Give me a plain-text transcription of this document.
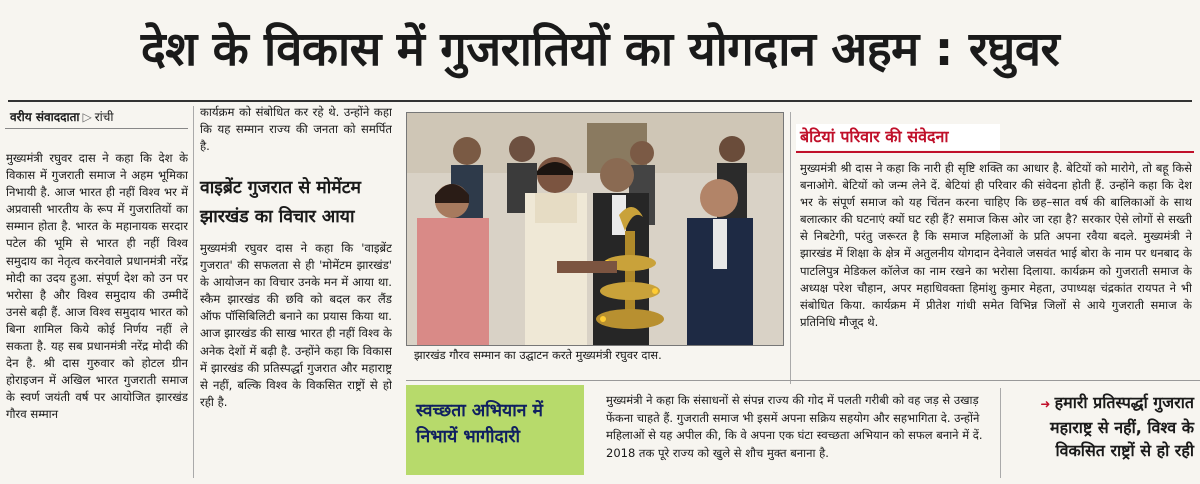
देश के विकास में गुजरातियों का योगदान अहम : रघुवर
वरीय संवाददाता ▷ रांची
मुख्यमंत्री रघुवर दास ने कहा कि देश के विकास में गुजराती समाज ने अहम भूमिका निभायी है. आज भारत ही नहीं विश्व भर में अप्रवासी भारतीय के रूप में गुजरातियों का सम्मान होता है. भारत के महानायक सरदार पटेल की भूमि से भारत ही नहीं विश्व समुदाय का नेतृत्व करनेवाले प्रधानमंत्री नरेंद्र मोदी का उदय हुआ. संपूर्ण देश को उन पर भरोसा है और विश्व समुदाय की उम्मीदें उनसे बढ़ी हैं. आज विश्व समुदाय भारत को बिना शामिल किये कोई निर्णय नहीं ले सकता है. यह सब प्रधानमंत्री नरेंद्र मोदी की देन है. श्री दास गुरुवार को होटल ग्रीन होराइजन में अखिल भारत गुजराती समाज के स्वर्ण जयंती वर्ष पर आयोजित झारखंड गौरव सम्मान
कार्यक्रम को संबोधित कर रहे थे. उन्होंने कहा कि यह सम्मान राज्य की जनता को समर्पित है.
वाइब्रेंट गुजरात से मोमेंटम झारखंड का विचार आया
मुख्यमंत्री रघुवर दास ने कहा कि 'वाइब्रेंट गुजरात' की सफलता से ही 'मोमेंटम झारखंड' के आयोजन का विचार उनके मन में आया था. स्कैम झारखंड की छवि को बदल कर लैंड ऑफ पॉसिबिलिटी बनाने का प्रयास किया था. आज झारखंड की साख भारत ही नहीं विश्व के अनेक देशों में बढ़ी है. उन्होंने कहा कि विकास में झारखंड की प्रतिस्पर्द्धा गुजरात और महाराष्ट्र से नहीं, बल्कि विश्व के विकसित राष्ट्रों से हो रही है.
झारखंड गौरव सम्मान का उद्घाटन करते मुख्यमंत्री रघुवर दास.
बेटियां परिवार की संवेदना
मुख्यमंत्री श्री दास ने कहा कि नारी ही सृष्टि शक्ति का आधार है. बेटियों को मारोगे, तो बहू किसे बनाओगे. बेटियों को जन्म लेने दें. बेटियां ही परिवार की संवेदना होती हैं. उन्होंने कहा कि देश भर के संपूर्ण समाज को यह चिंतन करना चाहिए कि छह–सात वर्ष की बालिकाओं के साथ बलात्कार की घटनाएं क्यों घट रही हैं? समाज किस ओर जा रहा है? सरकार ऐसे लोगों से सख्ती से निबटेगी, परंतु जरूरत है कि समाज महिलाओं के प्रति अपना रवैया बदले. मुख्यमंत्री ने झारखंड में शिक्षा के क्षेत्र में अतुलनीय योगदान देनेवाले जसवंत भाई बोरा के नाम पर धनबाद के पाटलिपुत्र मेडिकल कॉलेज का नाम रखने का भरोसा दिलाया. कार्यक्रम को गुजराती समाज के अध्यक्ष परेश चौहान, अपर महाधिवक्ता हिमांशु कुमार मेहता, उपाध्यक्ष चंद्रकांत रायपत ने भी संबोधित किया. कार्यक्रम में प्रीतेश गांधी समेत विभिन्न जिलों से आये गुजराती समाज के प्रतिनिधि मौजूद थे.
स्वच्छता अभियान में निभायें भागीदारी
मुख्यमंत्री ने कहा कि संसाधनों से संपन्न राज्य की गोद में पलती गरीबी को वह जड़ से उखाड़ फेंकना चाहते हैं. गुजराती समाज भी इसमें अपना सक्रिय सहयोग और सहभागिता दे. उन्होंने महिलाओं से यह अपील की, कि वे अपना एक घंटा स्वच्छता अभियान को सफल बनाने में दें. 2018 तक पूरे राज्य को खुले से शौच मुक्त बनाना है.
➜ हमारी प्रतिस्पर्द्धा गुजरात महाराष्ट्र से नहीं, विश्व के विकसित राष्ट्रों से हो रही
